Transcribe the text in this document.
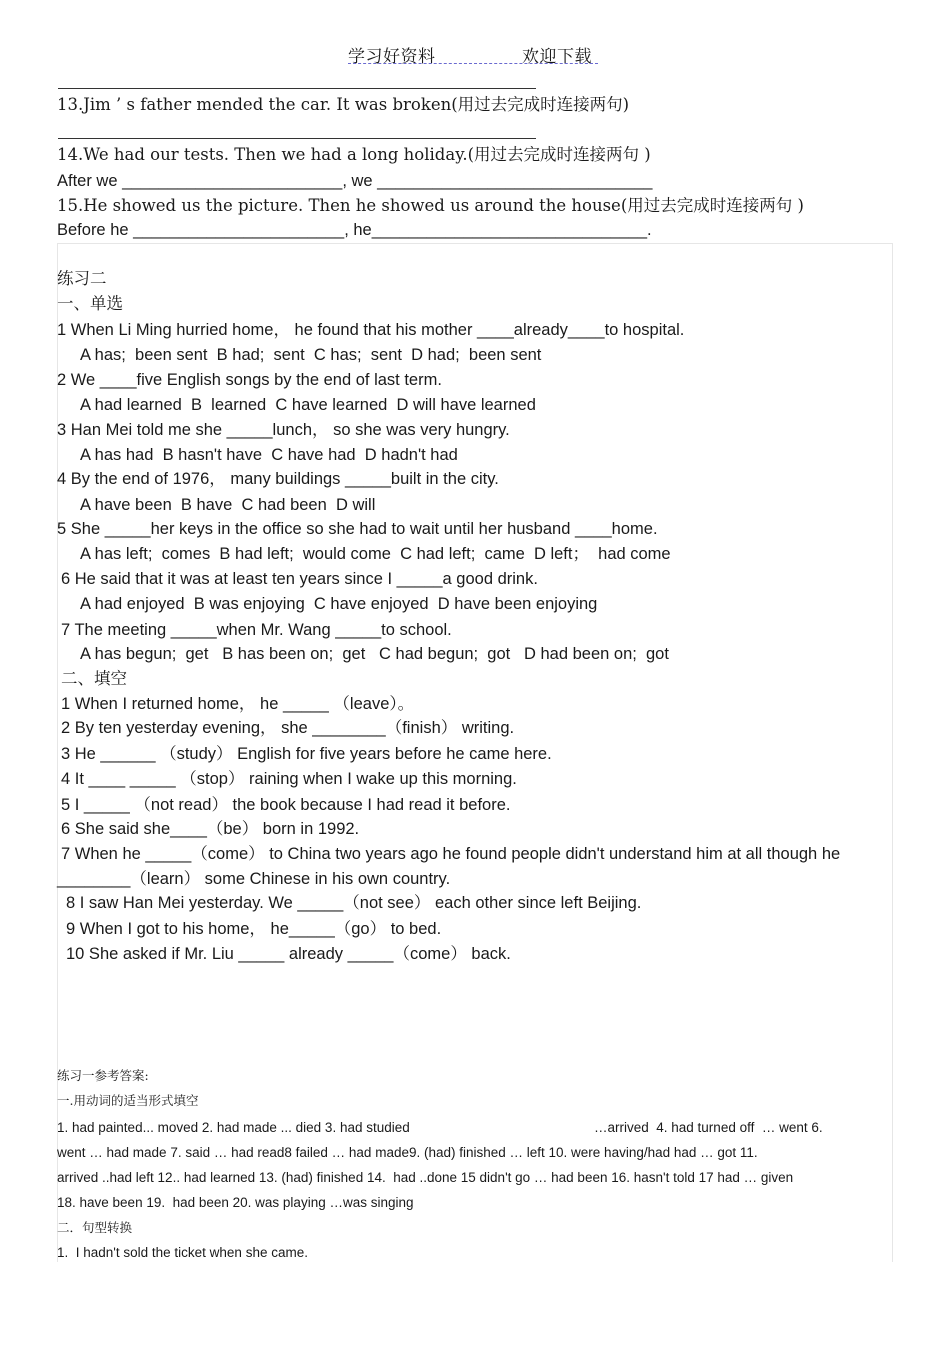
学习好资料	欢迎下载
13.Jim ’ s father mended the car. It was broken(用过去完成时连接两句)
14.We had our tests. Then we had a long holiday.(用过去完成时连接两句 )
After we ________________________, we ______________________________
15.He showed us the picture. Then he showed us around the house(用过去完成时连接两句 )
Before he _______________________, he______________________________.
练习二
一、单选
1 When Li Ming hurried home， he found that his mother ____already____to hospital.
A has;  been sent  B had;  sent  C has;  sent  D had;  been sent
2 We ____five English songs by the end of last term.
A had learned  B  learned  C have learned  D will have learned
3 Han Mei told me she _____lunch， so she was very hungry.
A has had  B hasn't have  C have had  D hadn't had
4 By the end of 1976， many buildings _____built in the city.
A have been  B have  C had been  D will
5 She _____her keys in the office so she had to wait until her husband ____home.
A has left;  comes  B had left;  would come  C had left;  came  D left；  had come
6 He said that it was at least ten years since I _____a good drink.
A had enjoyed  B was enjoying  C have enjoyed  D have been enjoying
7 The meeting _____when Mr. Wang _____to school.
A has begun;  get   B has been on;  get   C had begun;  got   D had been on;  got
二、填空
1 When I returned home， he _____ （leave）。
2 By ten yesterday evening， she ________（finish） writing.
3 He ______ （study） English for five years before he came here.
4 It ____ _____ （stop） raining when I wake up this morning.
5 I _____ （not read） the book because I had read it before.
6 She said she____（be） born in 1992.
7 When he _____（come） to China two years ago he found people didn't understand him at all though he
________（learn） some Chinese in his own country.
8 I saw Han Mei yesterday. We _____（not see） each other since left Beijing.
9 When I got to his home， he_____（go） to bed.
10 She asked if Mr. Liu _____ already _____（come） back.
练习一参考答案:
一.用动词的适当形式填空
1. had painted... moved 2. had made ... died 3. had studied	…arrived  4. had turned off  … went 6.
went … had made 7. said … had read8 failed … had made9. (had) finished … left 10. were having/had had … got 11.
arrived ..had left 12.. had learned 13. (had) finished 14.  had ..done 15 didn't go … had been 16. hasn't told 17 had … given
18. have been 19.  had been 20. was playing …was singing
二．句型转换
1.  I hadn't sold the ticket when she came.
